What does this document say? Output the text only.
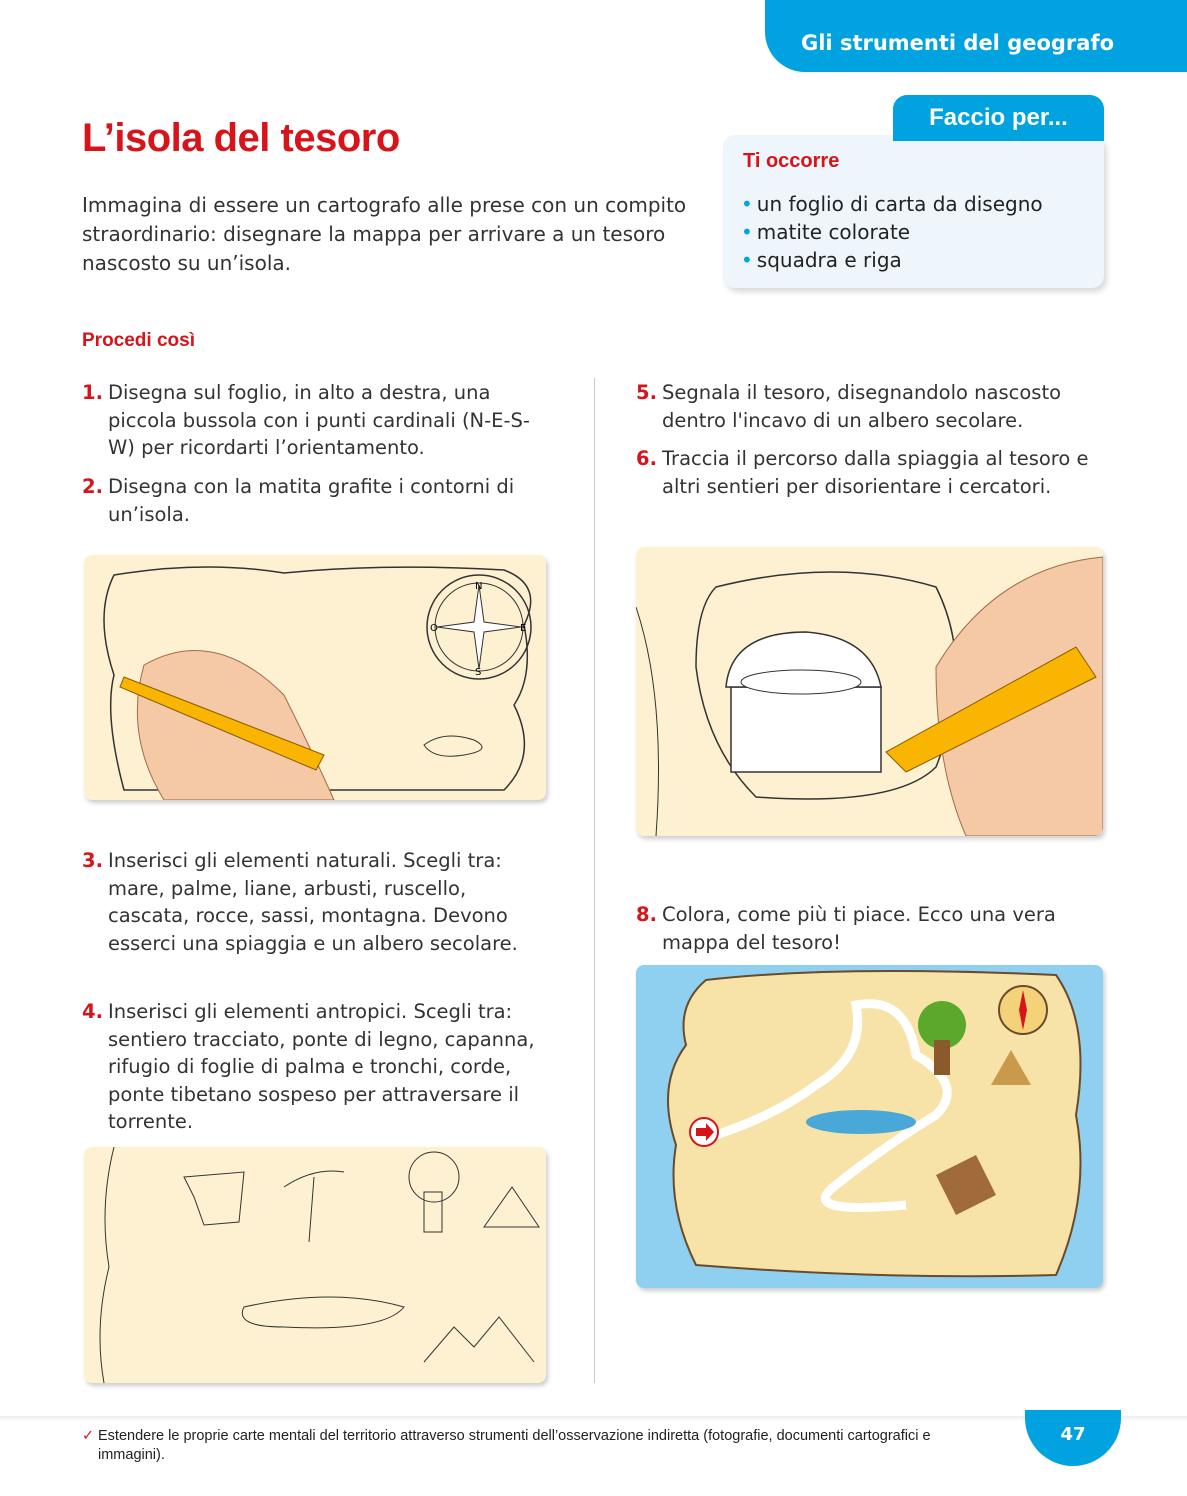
Gli strumenti del geografo
L’isola del tesoro

Immagina di essere un cartografo alle prese con un compito straordinario: disegnare la mappa per arrivare a un tesoro nascosto su un’isola.

Faccio per...
Ti occorre
• un foglio di carta da disegno
• matite colorate
• squadra e riga
Procedi così
1. Disegna sul foglio, in alto a destra, una piccola bussola con i punti cardinali (N-E-S-W) per ricordarti l’orientamento.
2. Disegna con la matita grafite i contorni di un’isola.
3. Inserisci gli elementi naturali. Scegli tra: mare, palme, liane, arbusti, ruscello, cascata, rocce, sassi, montagna. Devono esserci una spiaggia e un albero secolare.
4. Inserisci gli elementi antropici. Scegli tra: sentiero tracciato, ponte di legno, capanna, rifugio di foglie di palma e tronchi, corde, ponte tibetano sospeso per attraversare il torrente.
5. Segnala il tesoro, disegnandolo nascosto dentro l'incavo di un albero secolare.
6. Traccia il percorso dalla spiaggia al tesoro e altri sentieri per disorientare i cercatori.
8. Colora, come più ti piace. Ecco una vera mappa del tesoro!
N
E
S
O
✓ Estendere le proprie carte mentali del territorio attraverso strumenti dell’osservazione indiretta (fotografie, documenti cartografici e immagini).
47
